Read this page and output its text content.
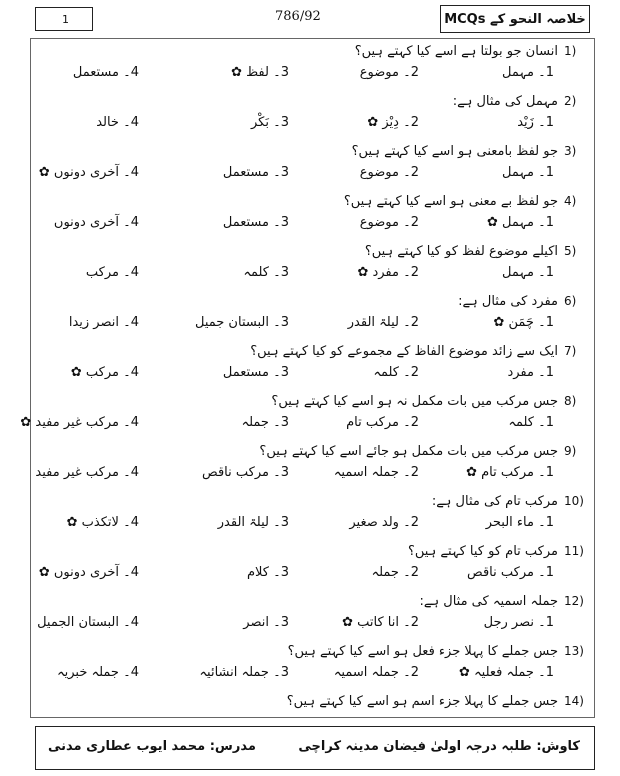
1	786/92	خلاصہ النحو کے MCQs
1)
انسان جو بولتا ہے اسے کیا کہتے ہیں؟
1۔ مہمل
2۔ موضوع
3۔ لفظ ✿
4۔ مستعمل
2)
مہمل کی مثال ہے:
1۔ زَیْد
2۔ دِیْز ✿
3۔ بَکْر
4۔ خالد
3)
جو لفظ بامعنی ہو اسے کیا کہتے ہیں؟
1۔ مہمل
2۔ موضوع
3۔ مستعمل
4۔ آخری دونوں ✿
4)
جو لفظ بے معنی ہو اسے کیا کہتے ہیں؟
1۔ مہمل ✿
2۔ موضوع
3۔ مستعمل
4۔ آخری دونوں
5)
اکیلے موضوع لفظ کو کیا کہتے ہیں؟
1۔ مہمل
2۔ مفرد ✿
3۔ کلمہ
4۔ مرکب
6)
مفرد کی مثال ہے:
1۔ چَمَن ✿
2۔ لیلۃ القدر
3۔ البستان جمیل
4۔ انصر زیدا
7)
ایک سے زائد موضوع الفاظ کے مجموعے کو کیا کہتے ہیں؟
1۔ مفرد
2۔ کلمہ
3۔ مستعمل
4۔ مرکب ✿
8)
جس مرکب میں بات مکمل نہ ہو اسے کیا کہتے ہیں؟
1۔ کلمہ
2۔ مرکب تام
3۔ جملہ
4۔ مرکب غیر مفید ✿
9)
جس مرکب میں بات مکمل ہو جائے اسے کیا کہتے ہیں؟
1۔ مرکب تام ✿
2۔ جملہ اسمیہ
3۔ مرکب ناقص
4۔ مرکب غیر مفید
10)
مرکب تام کی مثال ہے:
1۔ ماء البحر
2۔ ولد صغیر
3۔ لیلۃ القدر
4۔ لاتکذب ✿
11)
مرکب تام کو کیا کہتے ہیں؟
1۔ مرکب ناقص
2۔ جملہ
3۔ کلام
4۔ آخری دونوں ✿
12)
جملہ اسمیہ کی مثال ہے:
1۔ نصر رجل
2۔ انا کاتب ✿
3۔ انصر
4۔ البستان الجمیل
13)
جس جملے کا پہلا جزء فعل ہو اسے کیا کہتے ہیں؟
1۔ جملہ فعلیہ ✿
2۔ جملہ اسمیہ
3۔ جملہ انشائیہ
4۔ جملہ خبریہ
14)
جس جملے کا پہلا جزء اسم ہو اسے کیا کہتے ہیں؟
کاوش: طلبہ درجہ اولیٰ فیضان مدینہ کراچی
مدرس: محمد ایوب عطاری مدنی
